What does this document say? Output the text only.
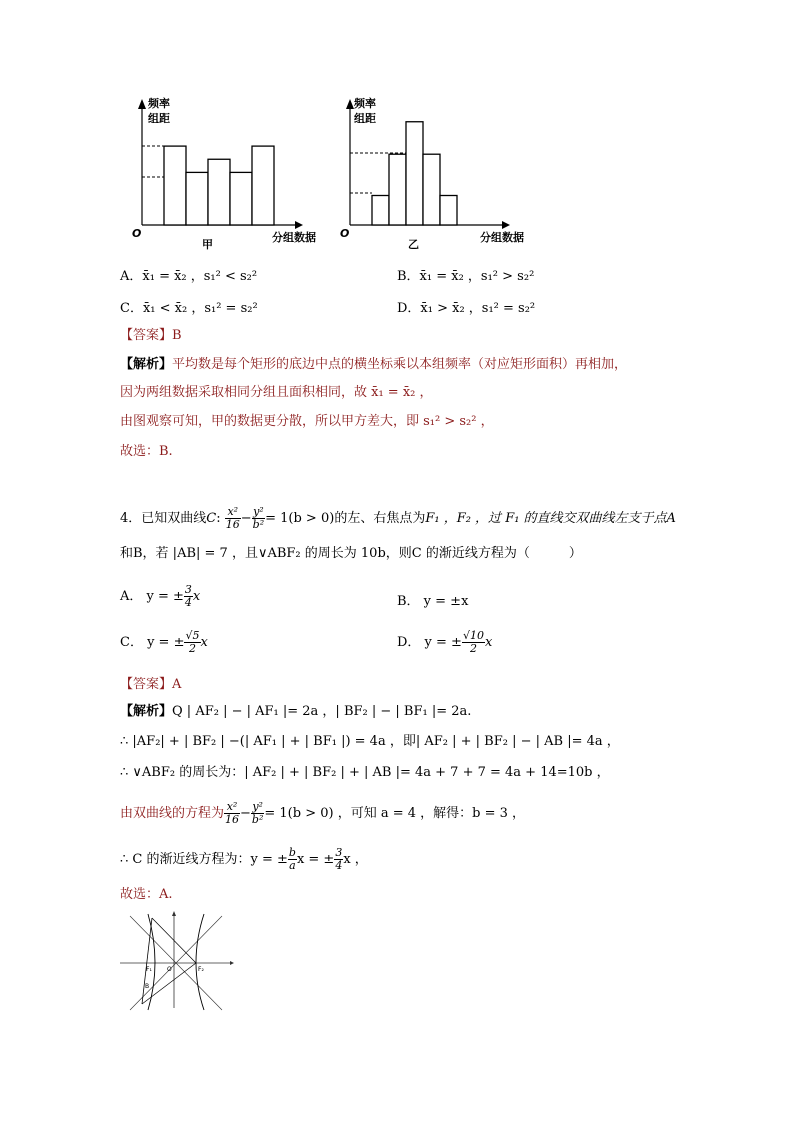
频率
组距
O
甲
分组数据
频率
组距
O
乙
分组数据
A．x̄₁ = x̄₂ ，s₁² < s₂²	B．x̄₁ = x̄₂ ，s₁² > s₂²
C．x̄₁ < x̄₂ ，s₁² = s₂²	D．x̄₁ > x̄₂ ，s₁² = s₂²
【答案】B
【解析】平均数是每个矩形的底边中点的横坐标乘以本组频率（对应矩形面积）再相加，
因为两组数据采取相同分组且面积相同，故 x̄₁ = x̄₂ ，
由图观察可知，甲的数据更分散，所以甲方差大，即 s₁² > s₂² ，
故选：B.
4．已知双曲线C: $\frac{\text{x²}}{16} - \frac{\text{y²}}{\text{b²}} = 1(b > 0)$的左、右焦点为F₁ ，F₂ ，过 F₁ 的直线交双曲线左支于点A
和B，若 |AB| = 7 ，且∨ABF₂ 的周长为 10b，则C 的渐近线方程为（　　　）
A． y = ± $\frac{3}{4}$ x	B． y = ±x
C． y = ± $\frac{√5}{2}$ x	D． y = ± $\frac{√10}{2}$ x
【答案】A
【解析】Q | AF₂ | − | AF₁ |= 2a ，| BF₂ | − | BF₁ |= 2a.
∴ |AF₂| + | BF₂ | −(| AF₁ | + | BF₁ |) = 4a ，即| AF₂ | + | BF₂ | − | AB |= 4a ，
∴ ∨ABF₂ 的周长为：| AF₂ | + | BF₂ | + | AB |= 4a + 7 + 7 = 4a + 14=10b ，
由双曲线的方程为 $\frac{\text{x²}}{16} - \frac{\text{y²}}{\text{b²}} = 1(b > 0)$ ，可知 a = 4 ，解得：b = 3 ，
∴ C 的渐近线方程为：y = ± $\frac{b}{a}$ x = ± $\frac{3}{4}$ x ，
故选：A.
F₁	O	F₂
B
